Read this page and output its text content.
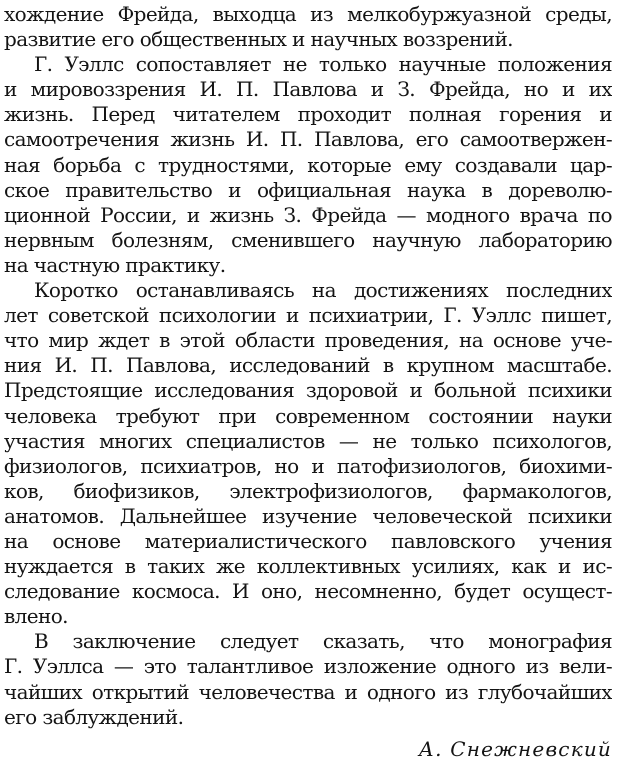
хождение Фрейда, выходца из мелкобуржуазной среды,
развитие его общественных и научных воззрений.
Г. Уэллс сопоставляет не только научные положения
и мировоззрения И. П. Павлова и З. Фрейда, но и их
жизнь. Перед читателем проходит полная горения и
самоотречения жизнь И. П. Павлова, его самоотвержен-
ная борьба с трудностями, которые ему создавали цар-
ское правительство и официальная наука в дореволю-
ционной России, и жизнь З. Фрейда — модного врача по
нервным болезням, сменившего научную лабораторию
на частную практику.
Коротко останавливаясь на достижениях последних
лет советской психологии и психиатрии, Г. Уэллс пишет,
что мир ждет в этой области проведения, на основе уче-
ния И. П. Павлова, исследований в крупном масштабе.
Предстоящие исследования здоровой и больной психики
человека требуют при современном состоянии науки
участия многих специалистов — не только психологов,
физиологов, психиатров, но и патофизиологов, биохими-
ков, биофизиков, электрофизиологов, фармакологов,
анатомов. Дальнейшее изучение человеческой психики
на основе материалистического павловского учения
нуждается в таких же коллективных усилиях, как и ис-
следование космоса. И оно, несомненно, будет осущест-
влено.
В заключение следует сказать, что монография
Г. Уэллса — это талантливое изложение одного из вели-
чайших открытий человечества и одного из глубочайших
его заблуждений.
А. Снежневский
